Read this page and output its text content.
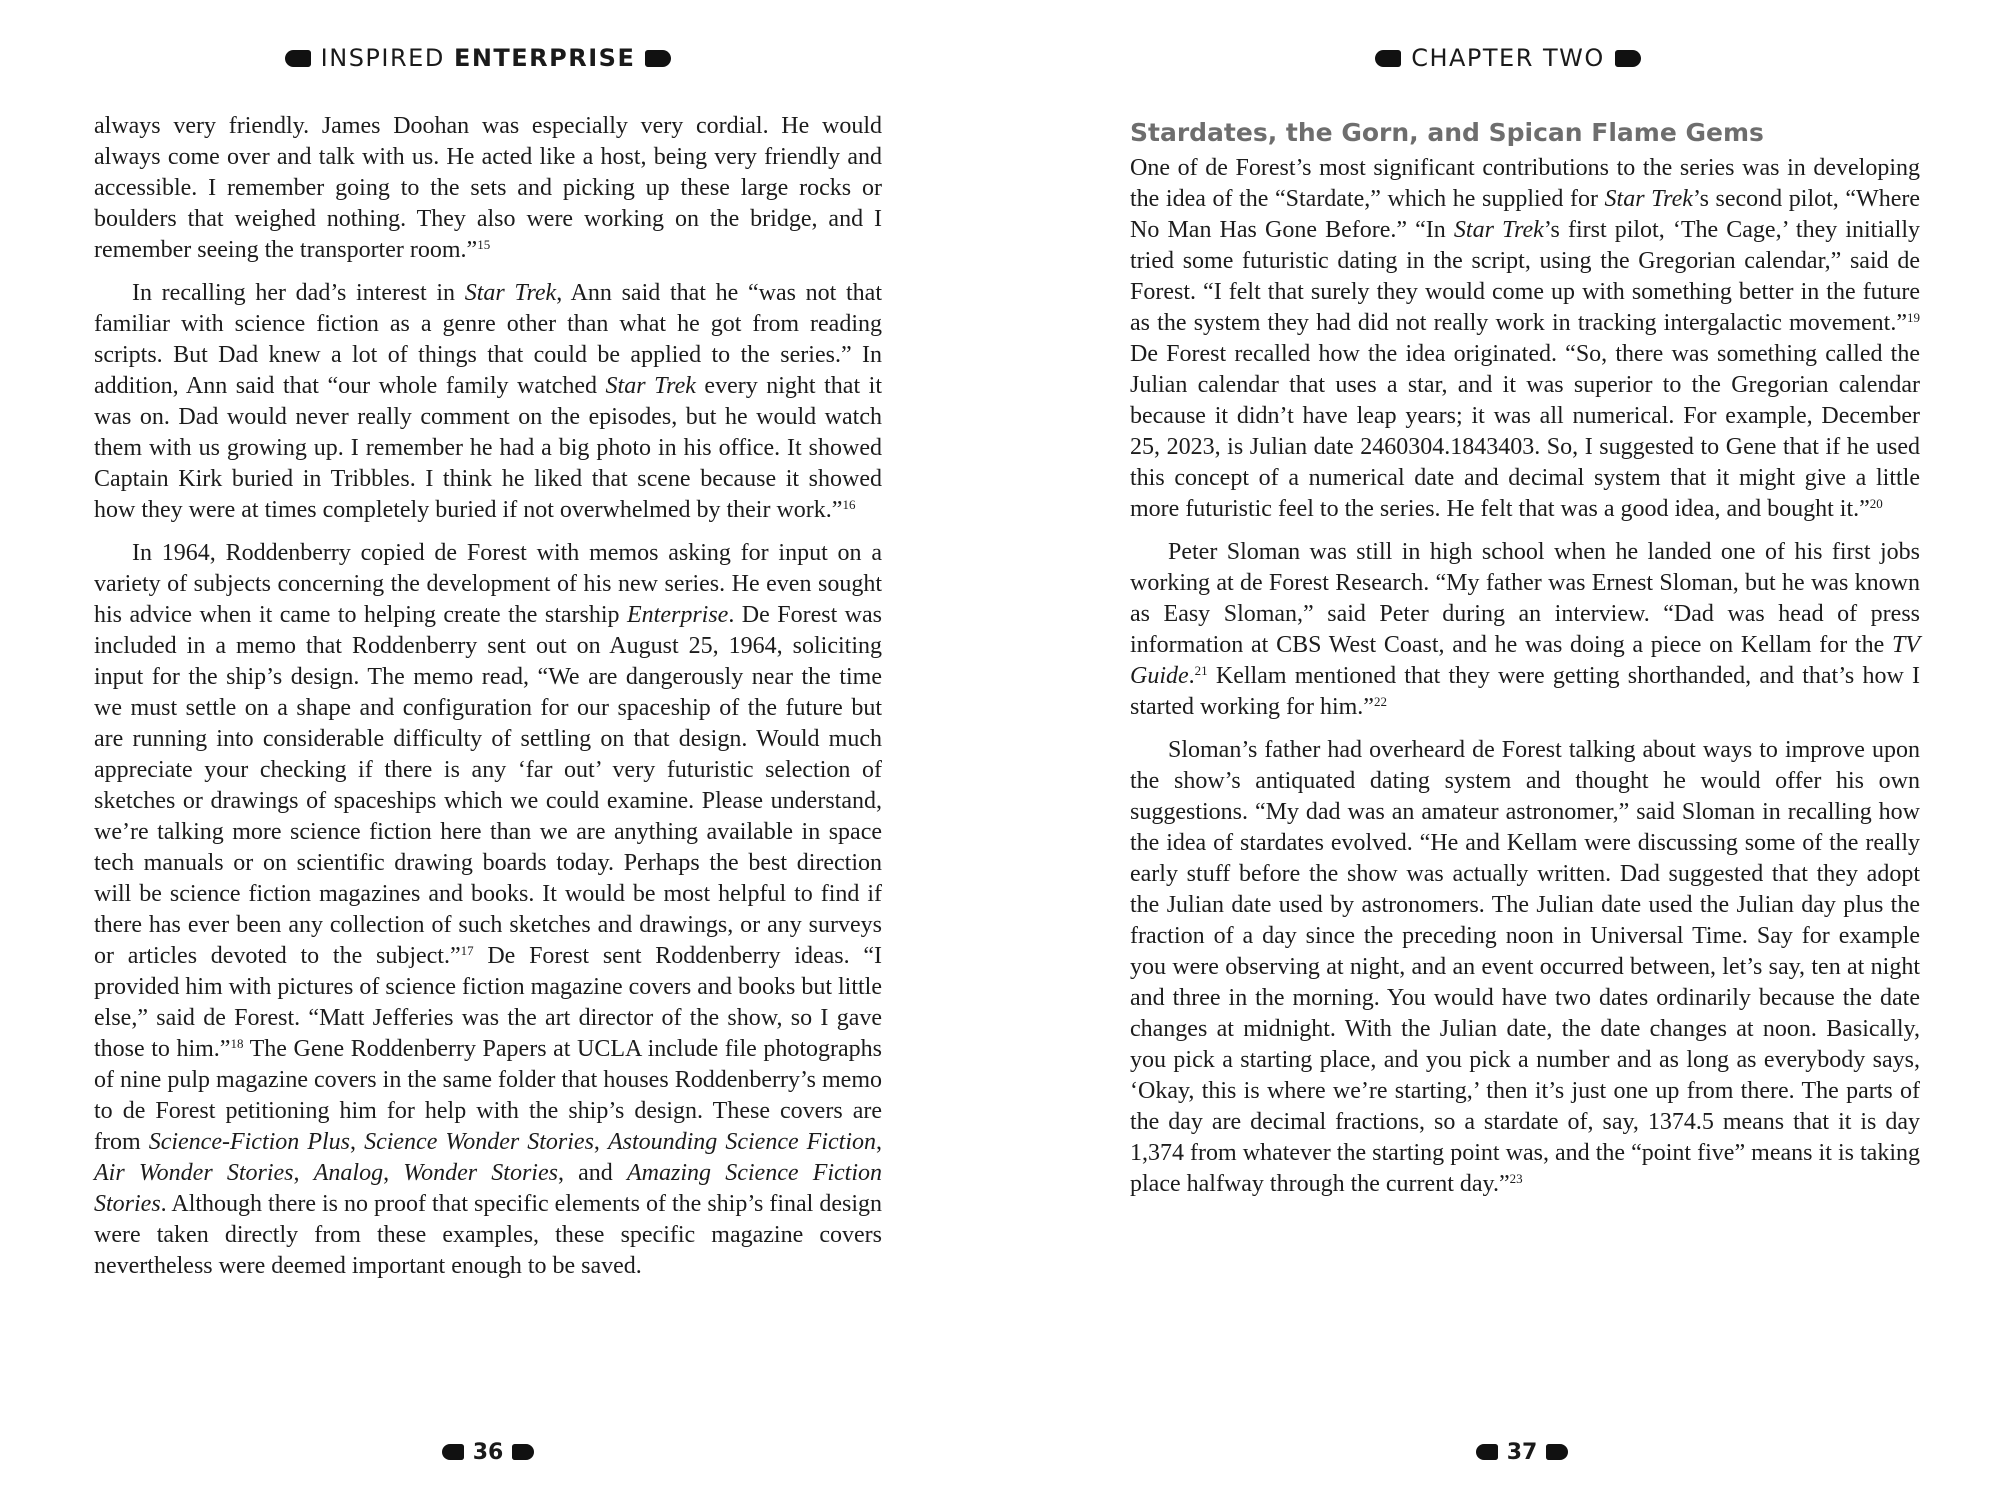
INSPIRED ENTERPRISE

always very friendly. James Doohan was especially very cordial. He would always come over and talk with us. He acted like a host, being very friendly and accessible. I remember going to the sets and picking up these large rocks or boulders that weighed nothing. They also were working on the bridge, and I remember seeing the transporter room.”$^{15}$

In recalling her dad’s interest in Star Trek, Ann said that he “was not that familiar with science fiction as a genre other than what he got from reading scripts. But Dad knew a lot of things that could be applied to the series.” In addition, Ann said that “our whole family watched Star Trek every night that it was on. Dad would never really comment on the episodes, but he would watch them with us growing up. I remember he had a big photo in his office. It showed Captain Kirk buried in Tribbles. I think he liked that scene because it showed how they were at times completely buried if not overwhelmed by their work.”$^{16}$

In 1964, Roddenberry copied de Forest with memos asking for input on a variety of subjects concerning the development of his new series. He even sought his advice when it came to helping create the starship Enterprise. De Forest was included in a memo that Roddenberry sent out on August 25, 1964, soliciting input for the ship’s design. The memo read, “We are dangerously near the time we must settle on a shape and configuration for our spaceship of the future but are running into considerable difficulty of settling on that design. Would much appreciate your checking if there is any ‘far out’ very futuristic selection of sketches or drawings of spaceships which we could examine. Please understand, we’re talking more science fiction here than we are anything available in space tech manuals or on scientific drawing boards today. Perhaps the best direction will be science fiction magazines and books. It would be most helpful to find if there has ever been any collection of such sketches and drawings, or any surveys or articles devoted to the subject.”$^{17}$ De Forest sent Roddenberry ideas. “I provided him with pictures of science fiction magazine covers and books but little else,” said de Forest. “Matt Jefferies was the art director of the show, so I gave those to him.”$^{18}$ The Gene Roddenberry Papers at UCLA include file photographs of nine pulp magazine covers in the same folder that houses Roddenberry’s memo to de Forest petitioning him for help with the ship’s design. These covers are from Science-Fiction Plus, Science Wonder Stories, Astounding Science Fiction, Air Wonder Stories, Analog, Wonder Stories, and Amazing Science Fiction Stories. Although there is no proof that specific elements of the ship’s final design were taken directly from these examples, these specific magazine covers nevertheless were deemed important enough to be saved.

36
CHAPTER TWO
Stardates, the Gorn, and Spican Flame Gems

One of de Forest’s most significant contributions to the series was in developing the idea of the “Stardate,” which he supplied for Star Trek’s second pilot, “Where No Man Has Gone Before.” “In Star Trek’s first pilot, ‘The Cage,’ they initially tried some futuristic dating in the script, using the Gregorian calendar,” said de Forest. “I felt that surely they would come up with something better in the future as the system they had did not really work in tracking intergalactic movement.”$^{19}$ De Forest recalled how the idea originated. “So, there was something called the Julian calendar that uses a star, and it was superior to the Gregorian calendar because it didn’t have leap years; it was all numerical. For example, December 25, 2023, is Julian date 2460304.1843403. So, I suggested to Gene that if he used this concept of a numerical date and decimal system that it might give a little more futuristic feel to the series. He felt that was a good idea, and bought it.”$^{20}$

Peter Sloman was still in high school when he landed one of his first jobs working at de Forest Research. “My father was Ernest Sloman, but he was known as Easy Sloman,” said Peter during an interview. “Dad was head of press information at CBS West Coast, and he was doing a piece on Kellam for the TV Guide.$^{21}$ Kellam mentioned that they were getting shorthanded, and that’s how I started working for him.”$^{22}$

Sloman’s father had overheard de Forest talking about ways to improve upon the show’s antiquated dating system and thought he would offer his own suggestions. “My dad was an amateur astronomer,” said Sloman in recalling how the idea of stardates evolved. “He and Kellam were discussing some of the really early stuff before the show was actually written. Dad suggested that they adopt the Julian date used by astronomers. The Julian date used the Julian day plus the fraction of a day since the preceding noon in Universal Time. Say for example you were observing at night, and an event occurred between, let’s say, ten at night and three in the morning. You would have two dates ordinarily because the date changes at midnight. With the Julian date, the date changes at noon. Basically, you pick a starting place, and you pick a number and as long as everybody says, ‘Okay, this is where we’re starting,’ then it’s just one up from there. The parts of the day are decimal fractions, so a stardate of, say, 1374.5 means that it is day 1,374 from whatever the starting point was, and the “point five” means it is taking place halfway through the current day.”$^{23}$

37
